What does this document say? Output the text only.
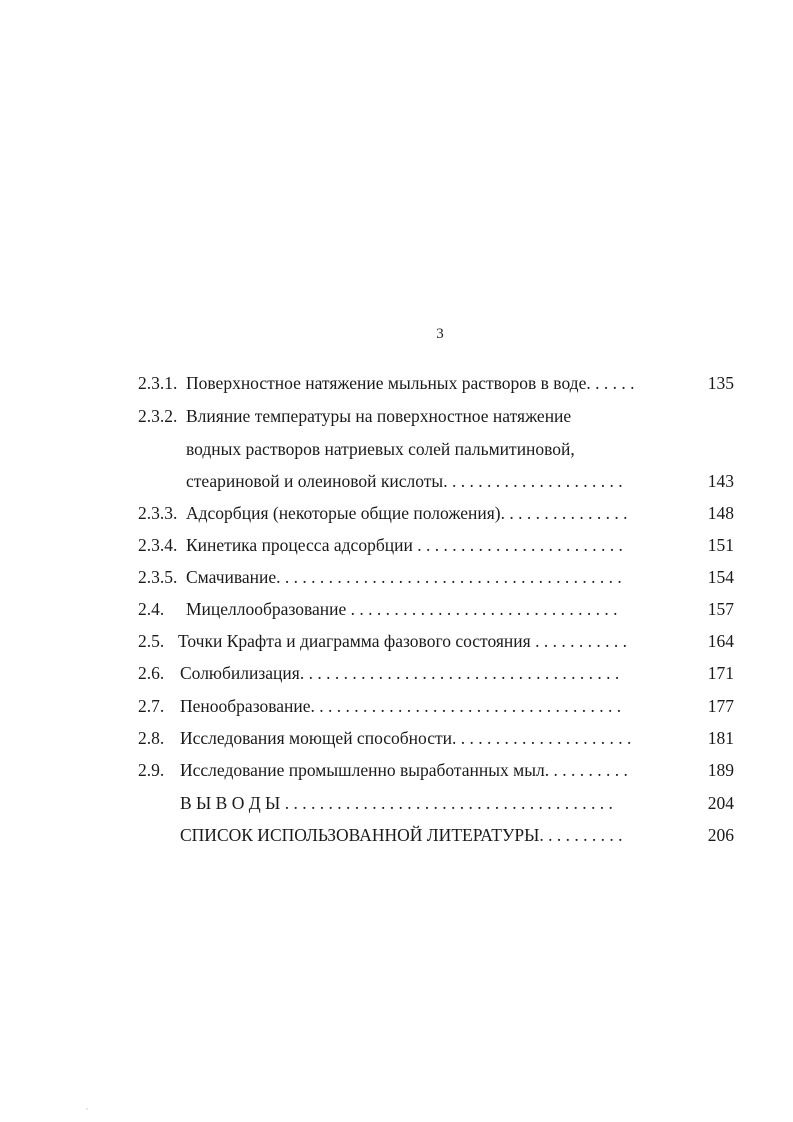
3
2.3.1. Поверхностное натяжение мыльных растворов в воде. . . . . .	135
2.3.2. Влияние температуры на поверхностное натяжение
водных растворов натриевых солей пальмитиновой,
стеариновой и олеиновой кислоты. . . . . . . . . . . . . . . . . . . . .	143
2.3.3. Адсорбция (некоторые общие положения). . . . . . . . . . . . . . .	148
2.3.4. Кинетика процесса адсорбции . . . . . . . . . . . . . . . . . . . . . . . .	151
2.3.5. Смачивание. . . . . . . . . . . . . . . . . . . . . . . . . . . . . . . . . . . . . . . .	154
2.4. Мицеллообразование . . . . . . . . . . . . . . . . . . . . . . . . . . . . . . .	157
2.5. Точки Крафта и диаграмма фазового состояния . . . . . . . . . . .	164
2.6. Солюбилизация. . . . . . . . . . . . . . . . . . . . . . . . . . . . . . . . . . . . .	171
2.7. Пенообразование. . . . . . . . . . . . . . . . . . . . . . . . . . . . . . . . . . . .	177
2.8. Исследования моющей способности. . . . . . . . . . . . . . . . . . . . .	181
2.9. Исследование промышленно выработанных мыл. . . . . . . . . .	189
В Ы В О Д Ы . . . . . . . . . . . . . . . . . . . . . . . . . . . . . . . . . . . . . .	204
СПИСОК ИСПОЛЬЗОВАННОЙ ЛИТЕРАТУРЫ. . . . . . . . . .	206
